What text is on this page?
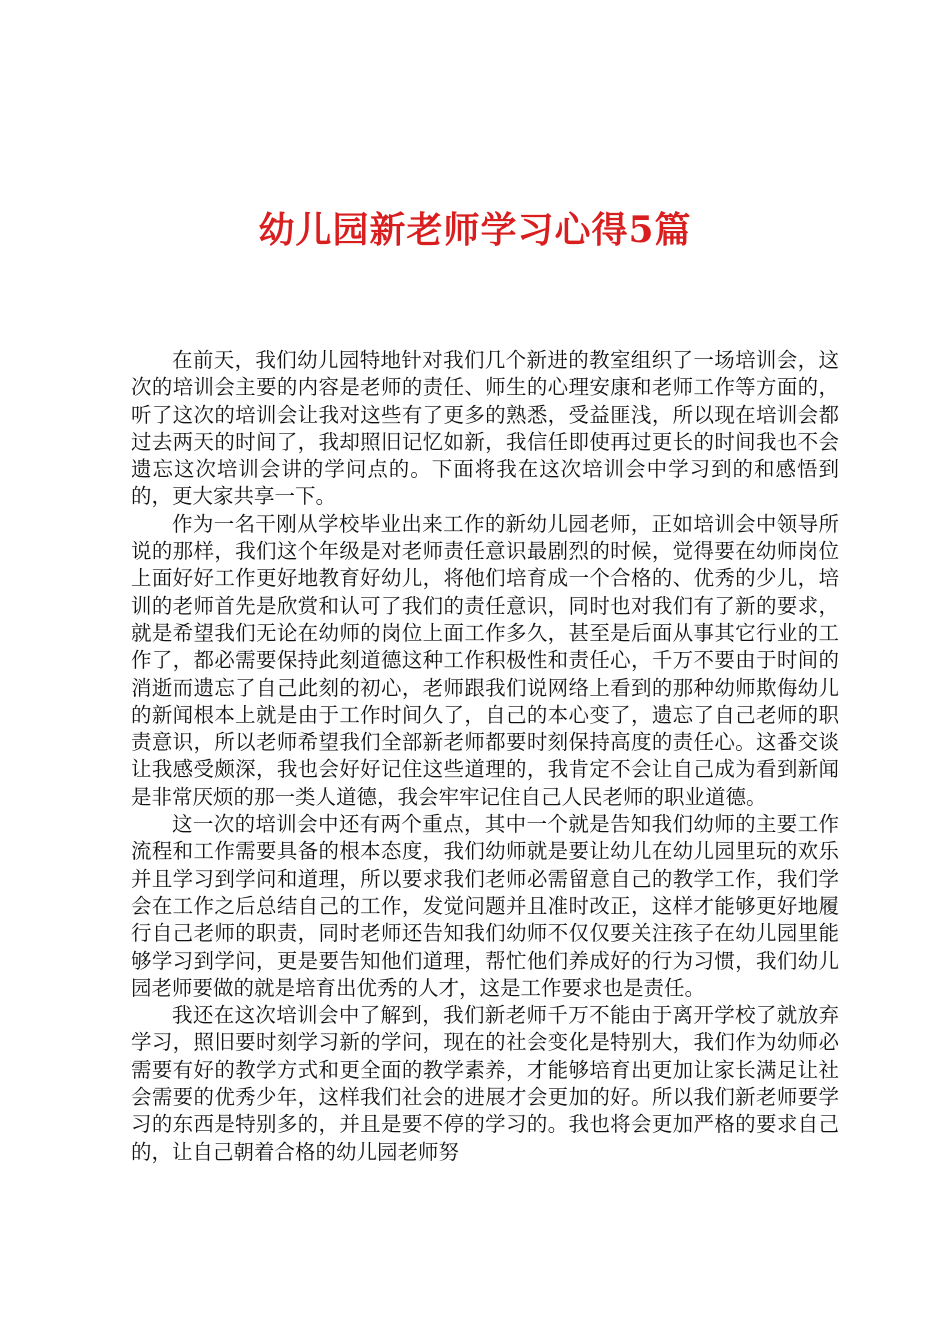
幼儿园新老师学习心得5篇

在前天，我们幼儿园特地针对我们几个新进的教室组织了一场培训会，这次的培训会主要的内容是老师的责任、师生的心理安康和老师工作等方面的，听了这次的培训会让我对这些有了更多的熟悉，受益匪浅，所以现在培训会都过去两天的时间了，我却照旧记忆如新，我信任即使再过更长的时间我也不会遗忘这次培训会讲的学问点的。下面将我在这次培训会中学习到的和感悟到的，更大家共享一下。

作为一名干刚从学校毕业出来工作的新幼儿园老师，正如培训会中领导所说的那样，我们这个年级是对老师责任意识最剧烈的时候，觉得要在幼师岗位上面好好工作更好地教育好幼儿，将他们培育成一个合格的、优秀的少儿，培训的老师首先是欣赏和认可了我们的责任意识，同时也对我们有了新的要求，就是希望我们无论在幼师的岗位上面工作多久，甚至是后面从事其它行业的工作了，都必需要保持此刻道德这种工作积极性和责任心，千万不要由于时间的消逝而遗忘了自己此刻的初心，老师跟我们说网络上看到的那种幼师欺侮幼儿的新闻根本上就是由于工作时间久了，自己的本心变了，遗忘了自己老师的职责意识，所以老师希望我们全部新老师都要时刻保持高度的责任心。这番交谈让我感受颇深，我也会好好记住这些道理的，我肯定不会让自己成为看到新闻是非常厌烦的那一类人道德，我会牢牢记住自己人民老师的职业道德。

这一次的培训会中还有两个重点，其中一个就是告知我们幼师的主要工作流程和工作需要具备的根本态度，我们幼师就是要让幼儿在幼儿园里玩的欢乐并且学习到学问和道理，所以要求我们老师必需留意自己的教学工作，我们学会在工作之后总结自己的工作，发觉问题并且准时改正，这样才能够更好地履行自己老师的职责，同时老师还告知我们幼师不仅仅要关注孩子在幼儿园里能够学习到学问，更是要告知他们道理，帮忙他们养成好的行为习惯，我们幼儿园老师要做的就是培育出优秀的人才，这是工作要求也是责任。

我还在这次培训会中了解到，我们新老师千万不能由于离开学校了就放弃学习，照旧要时刻学习新的学问，现在的社会变化是特别大，我们作为幼师必需要有好的教学方式和更全面的教学素养，才能够培育出更加让家长满足让社会需要的优秀少年，这样我们社会的进展才会更加的好。所以我们新老师要学习的东西是特别多的，并且是要不停的学习的。我也将会更加严格的要求自己的，让自己朝着合格的幼儿园老师努
